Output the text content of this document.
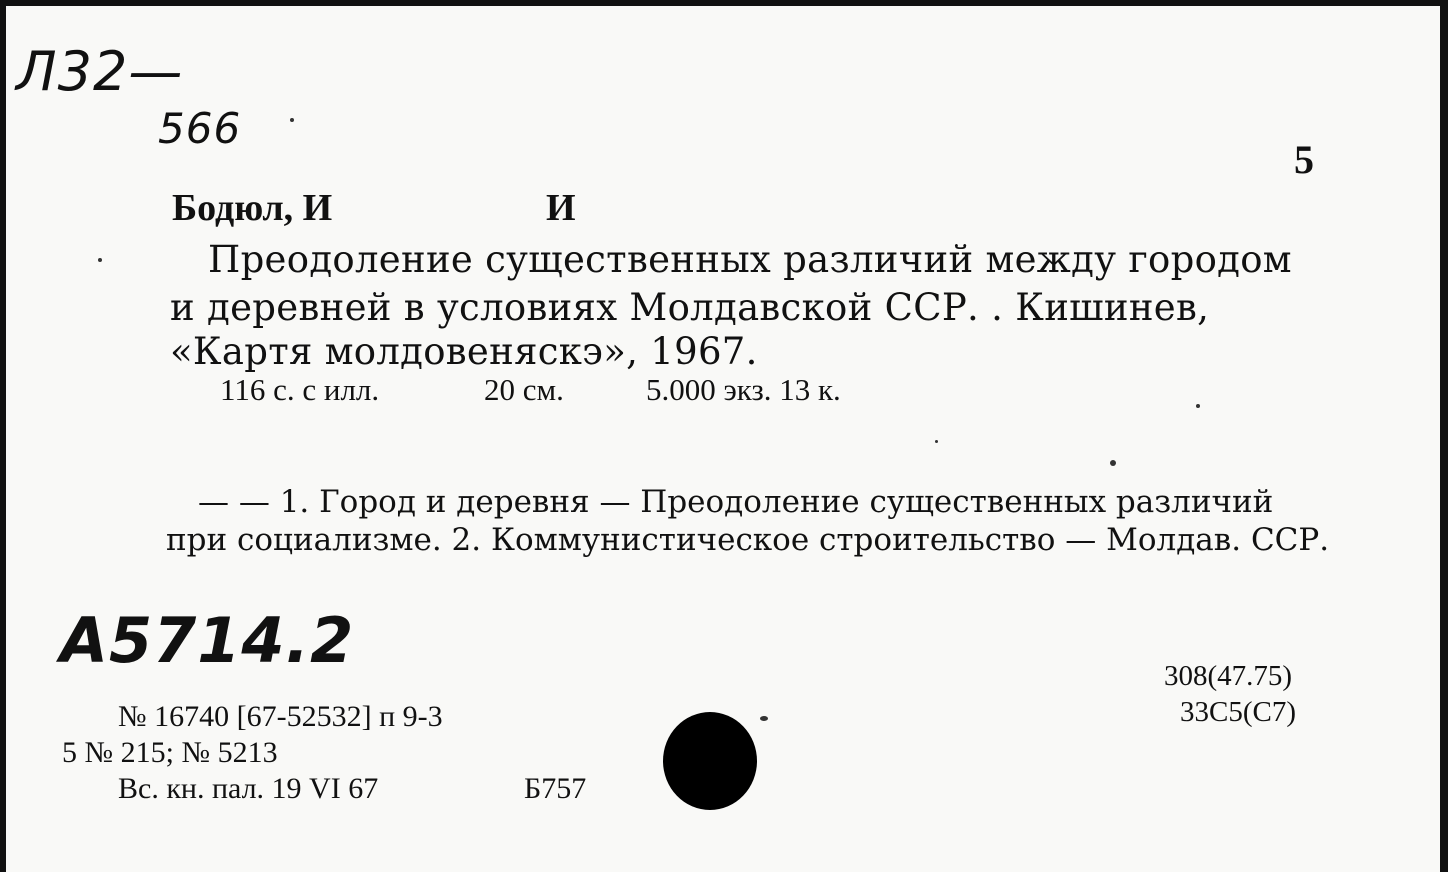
Л32—
566
5
Бодюл, И	И
Преодоление существенных различий между городом
и деревней в условиях Молдавской ССР. . Кишинев,
«Картя молдовеняскэ», 1967.
116 с. с илл.	20 см.	5.000 экз. 13 к.
— — 1. Город и деревня — Преодоление существенных различий
при социализме. 2. Коммунистическое строительство — Молдав. ССР.
А5714.2
№ 16740 [67-52532] п 9-3
5 № 215; № 5213
Вс. кн. пал. 19 VI 67	Б757
308(47.75)
33С5(С7)
